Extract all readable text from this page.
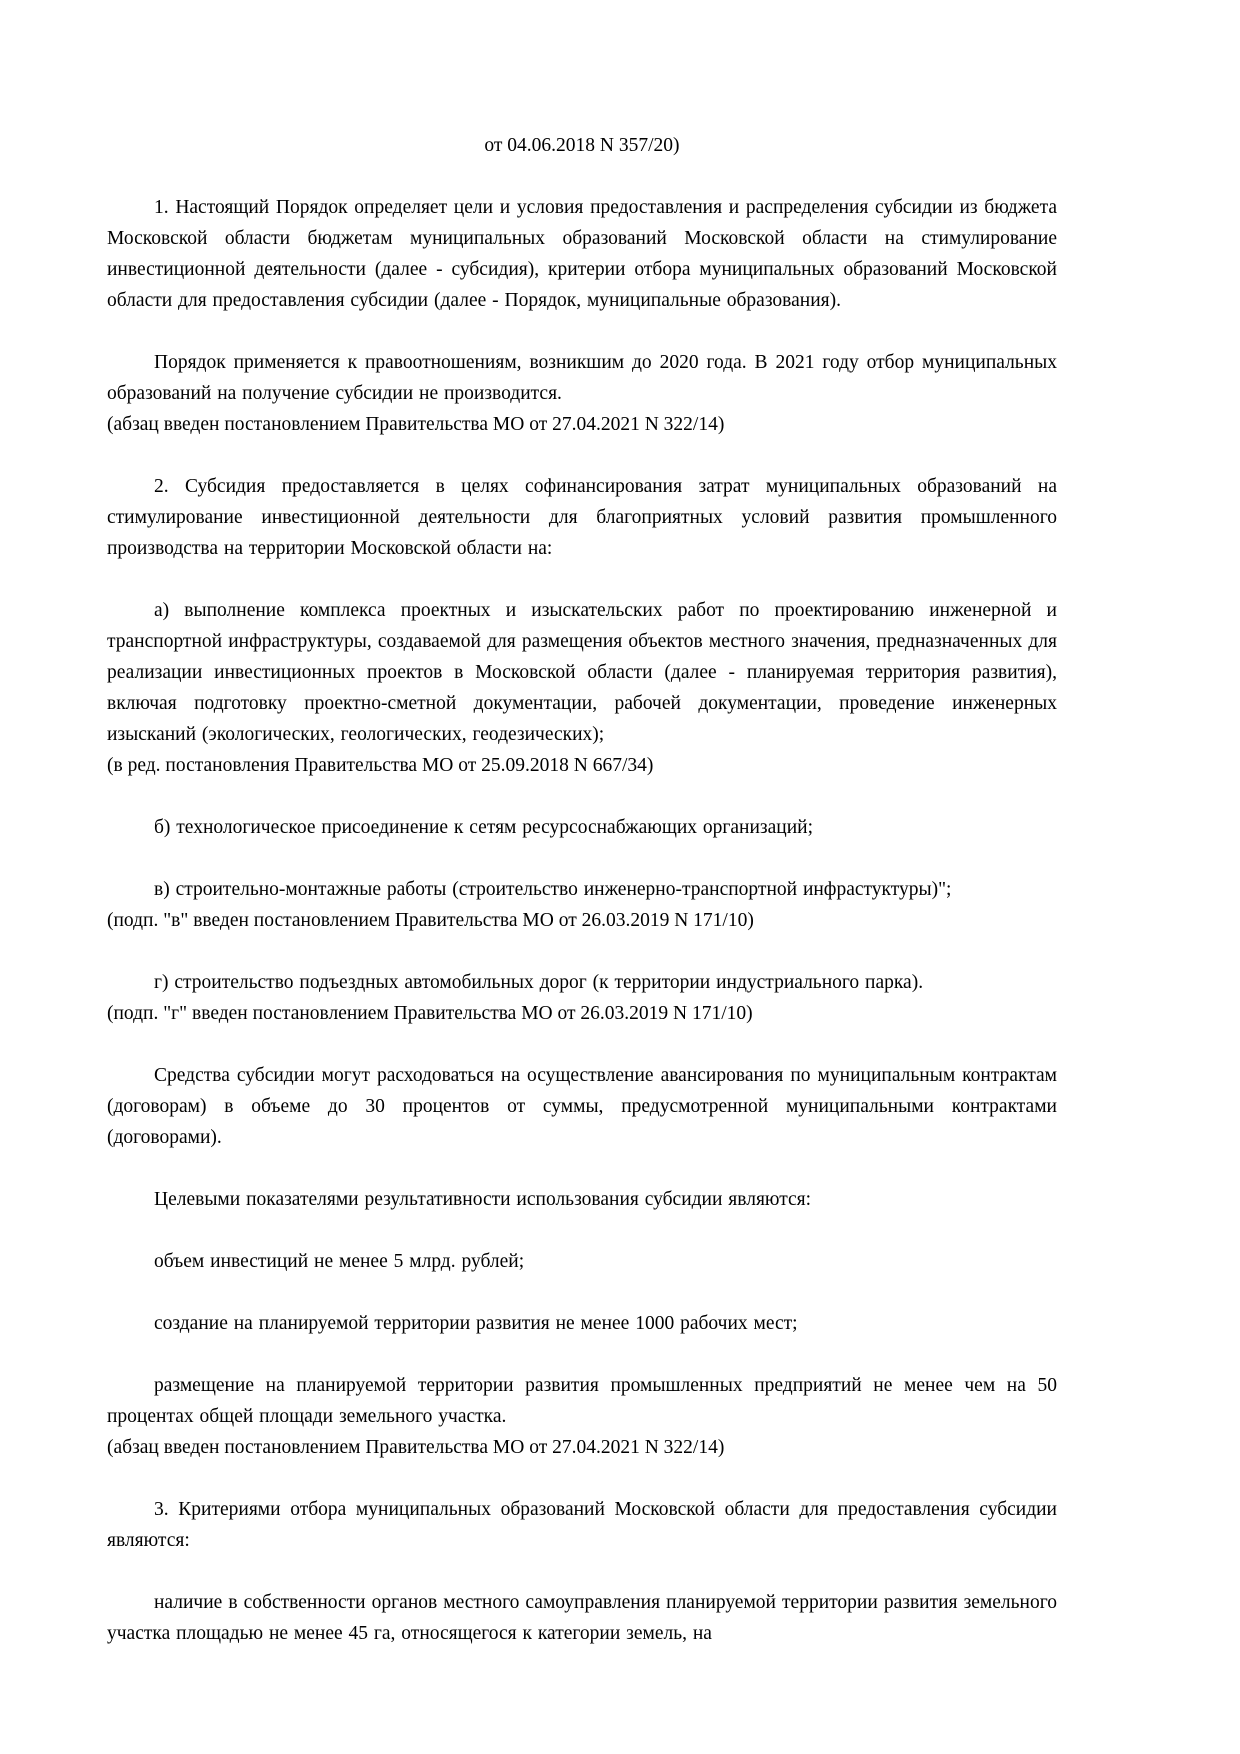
от 04.06.2018 N 357/20)

1. Настоящий Порядок определяет цели и условия предоставления и распределения субсидии из бюджета Московской области бюджетам муниципальных образований Московской области на стимулирование инвестиционной деятельности (далее - субсидия), критерии отбора муниципальных образований Московской области для предоставления субсидии (далее - Порядок, муниципальные образования).

Порядок применяется к правоотношениям, возникшим до 2020 года. В 2021 году отбор муниципальных образований на получение субсидии не производится.

(абзац введен постановлением Правительства МО от 27.04.2021 N 322/14)

2. Субсидия предоставляется в целях софинансирования затрат муниципальных образований на стимулирование инвестиционной деятельности для благоприятных условий развития промышленного производства на территории Московской области на:

а) выполнение комплекса проектных и изыскательских работ по проектированию инженерной и транспортной инфраструктуры, создаваемой для размещения объектов местного значения, предназначенных для реализации инвестиционных проектов в Московской области (далее - планируемая территория развития), включая подготовку проектно-сметной документации, рабочей документации, проведение инженерных изысканий (экологических, геологических, геодезических);

(в ред. постановления Правительства МО от 25.09.2018 N 667/34)

б) технологическое присоединение к сетям ресурсоснабжающих организаций;

в) строительно-монтажные работы (строительство инженерно-транспортной инфрастуктуры)";

(подп. "в" введен постановлением Правительства МО от 26.03.2019 N 171/10)

г) строительство подъездных автомобильных дорог (к территории индустриального парка).

(подп. "г" введен постановлением Правительства МО от 26.03.2019 N 171/10)

Средства субсидии могут расходоваться на осуществление авансирования по муниципальным контрактам (договорам) в объеме до 30 процентов от суммы, предусмотренной муниципальными контрактами (договорами).

Целевыми показателями результативности использования субсидии являются:

объем инвестиций не менее 5 млрд. рублей;

создание на планируемой территории развития не менее 1000 рабочих мест;

размещение на планируемой территории развития промышленных предприятий не менее чем на 50 процентах общей площади земельного участка.

(абзац введен постановлением Правительства МО от 27.04.2021 N 322/14)

3. Критериями отбора муниципальных образований Московской области для предоставления субсидии являются:

наличие в собственности органов местного самоуправления планируемой территории развития земельного участка площадью не менее 45 га, относящегося к категории земель, на
